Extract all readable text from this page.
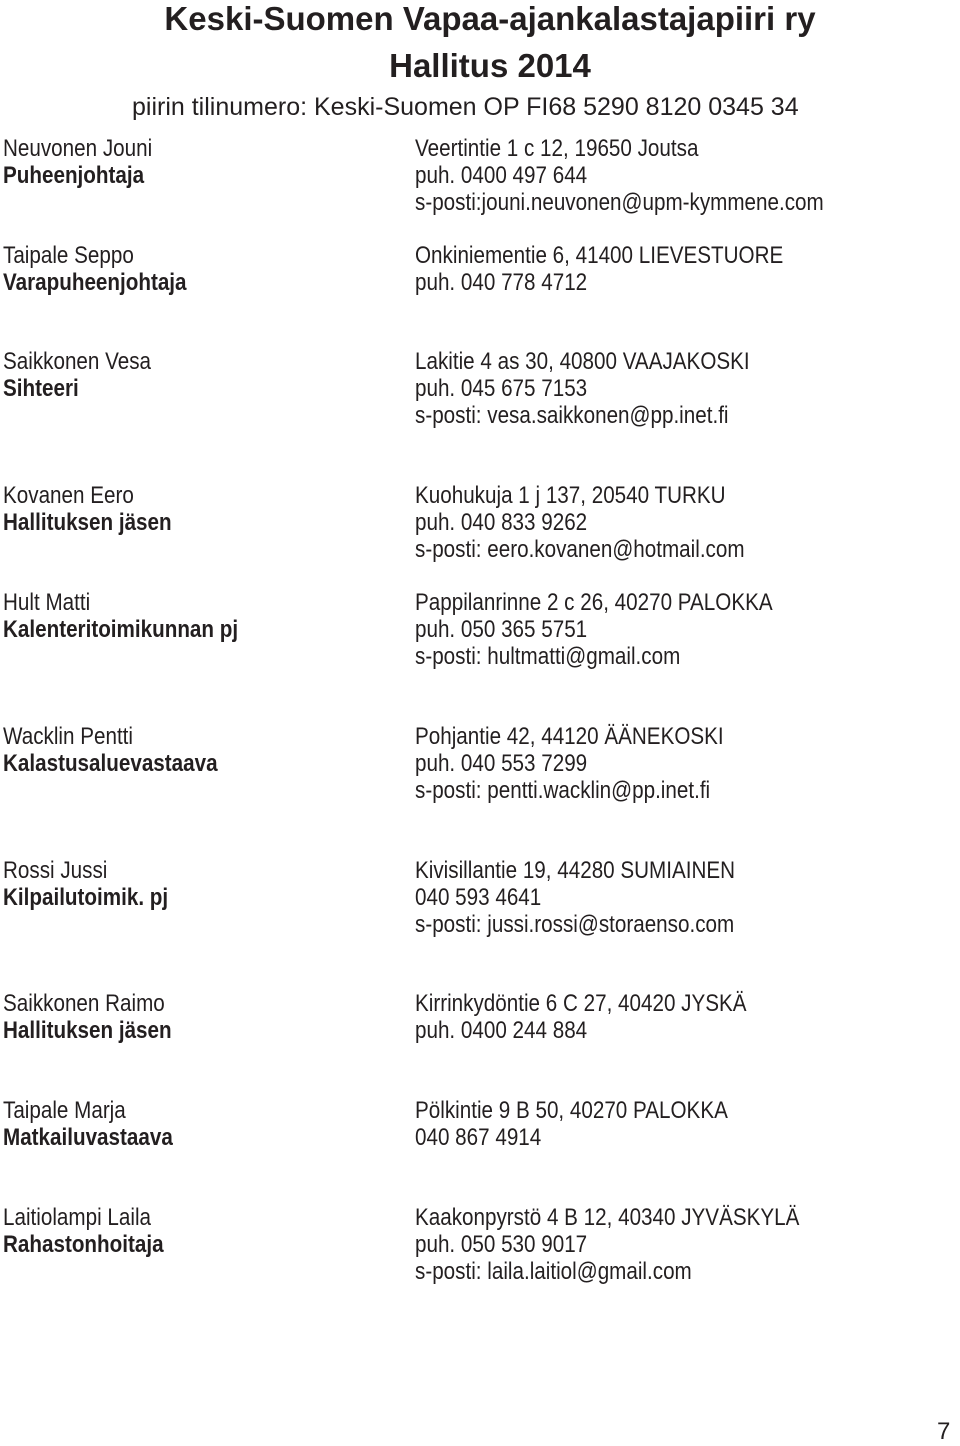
Keski-Suomen Vapaa-ajankalastajapiiri ry
Hallitus 2014
piirin tilinumero: Keski-Suomen OP FI68 5290 8120 0345 34
Neuvonen Jouni
Puheenjohtaja
Veertintie 1 c 12, 19650 Joutsa
puh. 0400 497 644
s-posti:jouni.neuvonen@upm-kymmene.com
Taipale Seppo
Varapuheenjohtaja
Onkiniementie 6, 41400 LIEVESTUORE
puh. 040 778 4712
Saikkonen Vesa
Sihteeri
Lakitie 4 as 30, 40800 VAAJAKOSKI
puh. 045 675 7153
s-posti: vesa.saikkonen@pp.inet.fi
Kovanen Eero
Hallituksen jäsen
Kuohukuja 1 j 137, 20540 TURKU
puh. 040 833 9262
s-posti: eero.kovanen@hotmail.com
Hult Matti
Kalenteritoimikunnan pj
Pappilanrinne 2 c 26, 40270 PALOKKA
puh. 050 365 5751
s-posti: hultmatti@gmail.com
Wacklin Pentti
Kalastusaluevastaava
Pohjantie 42, 44120 ÄÄNEKOSKI
puh. 040 553 7299
s-posti: pentti.wacklin@pp.inet.fi
Rossi Jussi
Kilpailutoimik. pj
Kivisillantie 19, 44280 SUMIAINEN
040 593 4641
s-posti: jussi.rossi@storaenso.com
Saikkonen Raimo
Hallituksen jäsen
Kirrinkydöntie 6 C 27, 40420 JYSKÄ
puh. 0400 244 884
Taipale Marja
Matkailuvastaava
Pölkintie 9 B 50, 40270 PALOKKA
040 867 4914
Laitiolampi Laila
Rahastonhoitaja
Kaakonpyrstö 4 B 12, 40340 JYVÄSKYLÄ
puh. 050 530 9017
s-posti: laila.laitiol@gmail.com
7
